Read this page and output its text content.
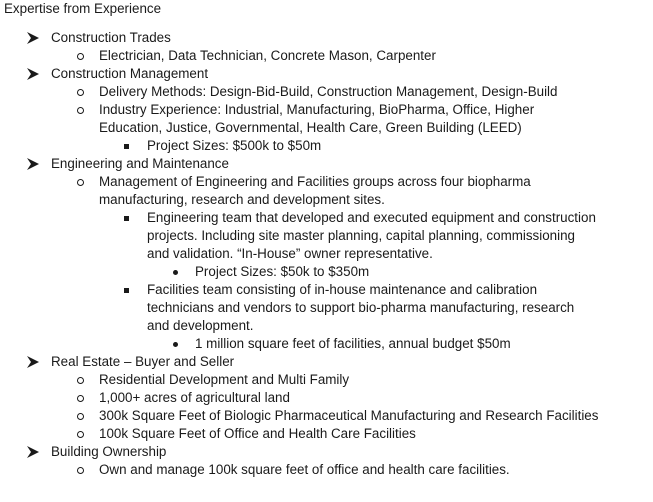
Expertise from Experience
Construction Trades
Electrician, Data Technician, Concrete Mason, Carpenter
Construction Management
Delivery Methods: Design-Bid-Build, Construction Management, Design-Build
Industry Experience: Industrial, Manufacturing, BioPharma, Office, Higher
Education, Justice, Governmental, Health Care, Green Building (LEED)
Project Sizes: $500k to $50m
Engineering and Maintenance
Management of Engineering and Facilities groups across four biopharma
manufacturing, research and development sites.
Engineering team that developed and executed equipment and construction
projects. Including site master planning, capital planning, commissioning
and validation. “In-House” owner representative.
Project Sizes: $50k to $350m
Facilities team consisting of in-house maintenance and calibration
technicians and vendors to support bio-pharma manufacturing, research
and development.
1 million square feet of facilities, annual budget $50m
Real Estate – Buyer and Seller
Residential Development and Multi Family
1,000+ acres of agricultural land
300k Square Feet of Biologic Pharmaceutical Manufacturing and Research Facilities
100k Square Feet of Office and Health Care Facilities
Building Ownership
Own and manage 100k square feet of office and health care facilities.
